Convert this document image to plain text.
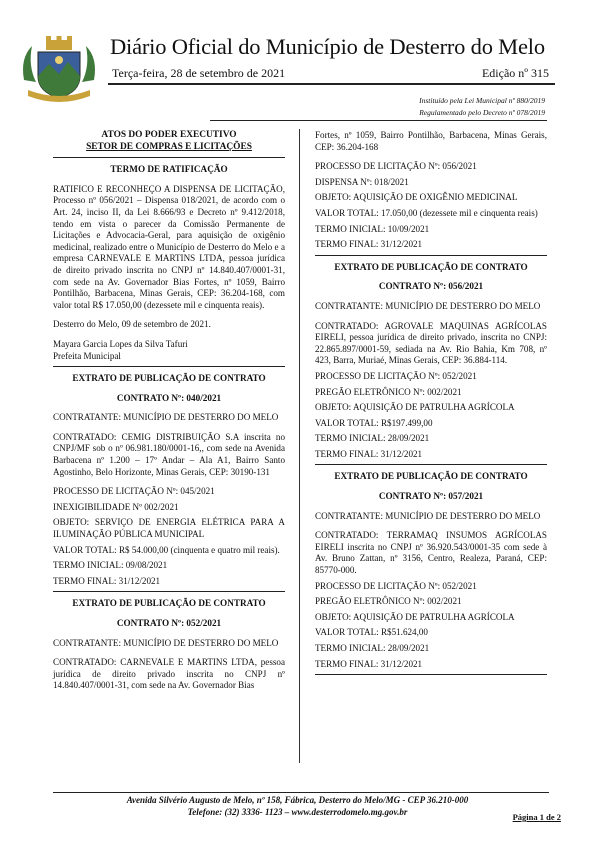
Diário Oficial do Município de Desterro do Melo
Terça-feira, 28 de setembro de 2021	Edição nº 315
Instituído pela Lei Municipal nº 880/2019
Regulamentado pelo Decreto nº 078/2019

ATOS DO PODER EXECUTIVO

SETOR DE COMPRAS E LICITAÇÕES

TERMO DE RATIFICAÇÃO

RATIFICO E RECONHEÇO A DISPENSA DE LICITAÇÃO, Processo nº 056/2021 – Dispensa 018/2021, de acordo com o Art. 24, inciso II, da Lei 8.666/93 e Decreto nº 9.412/2018, tendo em vista o parecer da Comissão Permanente de Licitações e Advocacia-Geral, para aquisição de oxigênio medicinal, realizado entre o Município de Desterro do Melo e a empresa CARNEVALE E MARTINS LTDA, pessoa jurídica de direito privado inscrita no CNPJ nº 14.840.407/0001-31, com sede na Av. Governador Bias Fortes, nº 1059, Bairro Pontilhão, Barbacena, Minas Gerais, CEP: 36.204-168, com valor total R$ 17.050,00 (dezessete mil e cinquenta reais).

Desterro do Melo, 09 de setembro de 2021.

Mayara Garcia Lopes da Silva Tafuri

Prefeita Municipal

EXTRATO DE PUBLICAÇÃO DE CONTRATO

CONTRATO Nº: 040/2021

CONTRATANTE: MUNICÍPIO DE DESTERRO DO MELO

CONTRATADO: CEMIG DISTRIBUIÇÃO S.A inscrita no CNPJ/MF sob o nº 06.981.180/0001-16,, com sede na Avenida Barbacena nº 1.200 – 17º Andar – Ala A1, Bairro Santo Agostinho, Belo Horizonte, Minas Gerais, CEP: 30190-131

PROCESSO DE LICITAÇÃO Nº: 045/2021

INEXIGIBILIDADE Nº 002/2021

OBJETO: SERVIÇO DE ENERGIA ELÉTRICA PARA A ILUMINAÇÃO PÚBLICA MUNICIPAL

VALOR TOTAL: R$ 54.000,00 (cinquenta e quatro mil reais).

TERMO INICIAL: 09/08/2021

TERMO FINAL: 31/12/2021

EXTRATO DE PUBLICAÇÃO DE CONTRATO

CONTRATO Nº: 052/2021

CONTRATANTE: MUNICÍPIO DE DESTERRO DO MELO

CONTRATADO: CARNEVALE E MARTINS LTDA, pessoa jurídica de direito privado inscrita no CNPJ nº 14.840.407/0001-31, com sede na Av. Governador Bias

Fortes, nº 1059, Bairro Pontilhão, Barbacena, Minas Gerais, CEP: 36.204-168

PROCESSO DE LICITAÇÃO Nº: 056/2021

DISPENSA Nº: 018/2021

OBJETO: AQUISIÇÃO DE OXIGÊNIO MEDICINAL

VALOR TOTAL: 17.050,00 (dezessete mil e cinquenta reais)

TERMO INICIAL: 10/09/2021

TERMO FINAL: 31/12/2021

EXTRATO DE PUBLICAÇÃO DE CONTRATO

CONTRATO Nº: 056/2021

CONTRATANTE: MUNICÍPIO DE DESTERRO DO MELO

CONTRATADO: AGROVALE MAQUINAS AGRÍCOLAS EIRELI, pessoa jurídica de direito privado, inscrita no CNPJ: 22.865.897/0001-59, sediada na Av. Rio Bahia, Km 708, nº 423, Barra, Muriaé, Minas Gerais, CEP: 36.884-114.

PROCESSO DE LICITAÇÃO Nº: 052/2021

PREGÃO ELETRÔNICO Nº: 002/2021

OBJETO: AQUISIÇÃO DE PATRULHA AGRÍCOLA

VALOR TOTAL: R$197.499,00

TERMO INICIAL: 28/09/2021

TERMO FINAL: 31/12/2021

EXTRATO DE PUBLICAÇÃO DE CONTRATO

CONTRATO Nº: 057/2021

CONTRATANTE: MUNICÍPIO DE DESTERRO DO MELO

CONTRATADO: TERRAMAQ INSUMOS AGRÍCOLAS EIRELI inscrita no CNPJ nº 36.920.543/0001-35 com sede à Av. Bruno Zattan, nº 3156, Centro, Realeza, Paraná, CEP: 85770-000.

PROCESSO DE LICITAÇÃO Nº: 052/2021

PREGÃO ELETRÔNICO Nº: 002/2021

OBJETO: AQUISIÇÃO DE PATRULHA AGRÍCOLA

VALOR TOTAL: R$51.624,00

TERMO INICIAL: 28/09/2021

TERMO FINAL: 31/12/2021

Avenida Silvério Augusto de Melo, nº 158, Fábrica, Desterro do Melo/MG - CEP 36.210-000
Telefone: (32) 3336- 1123 – www.desterrodomelo.mg.gov.br	Página 1 de 2
